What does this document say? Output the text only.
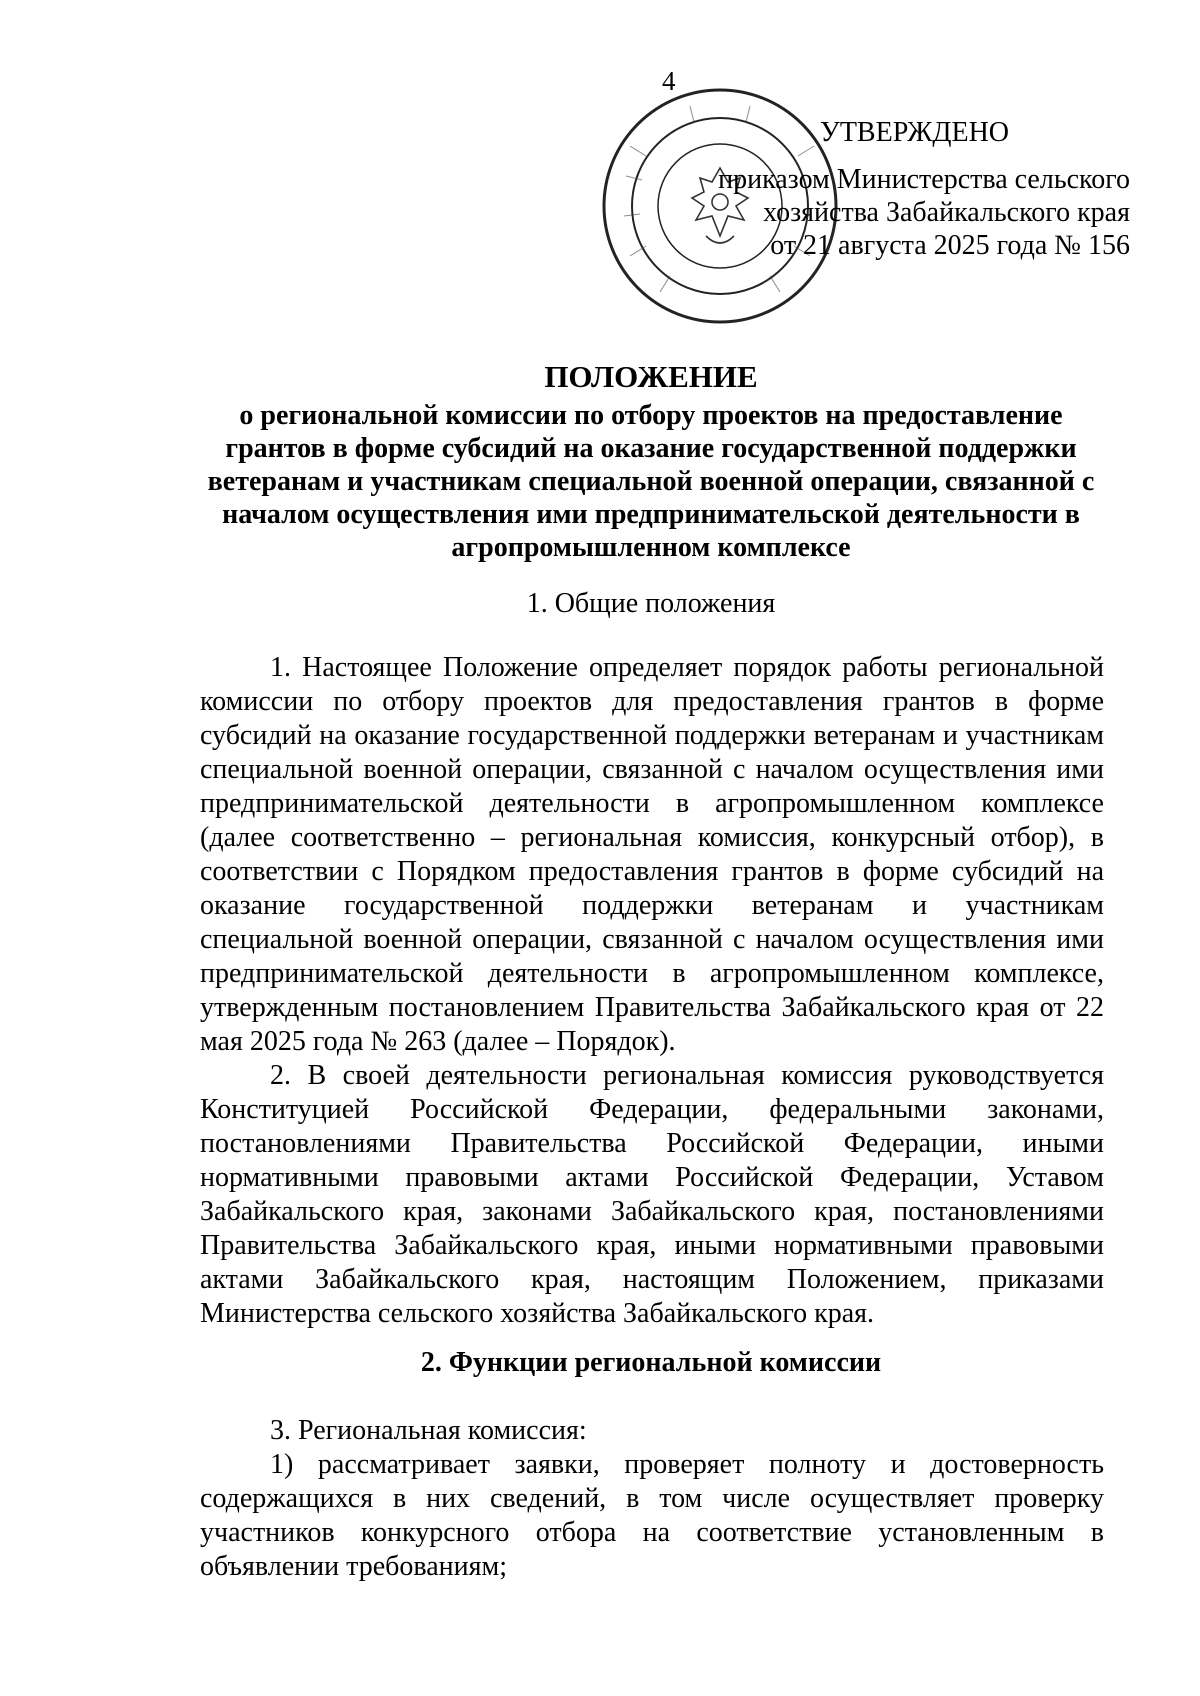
4
УТВЕРЖДЕНО
приказом Министерства сельского
хозяйства Забайкальского края
от 21 августа 2025 года № 156
ПОЛОЖЕНИЕ
о региональной комиссии по отбору проектов на предоставление грантов в форме субсидий на оказание государственной поддержки ветеранам и участникам специальной военной операции, связанной с началом осуществления ими предпринимательской деятельности в агропромышленном комплексе
1. Общие положения

1. Настоящее Положение определяет порядок работы региональной комиссии по отбору проектов для предоставления грантов в форме субсидий на оказание государственной поддержки ветеранам и участникам специальной военной операции, связанной с началом осуществления ими предпринимательской деятельности в агропромышленном комплексе (далее соответственно – региональная комиссия, конкурсный отбор), в соответствии с Порядком предоставления грантов в форме субсидий на оказание государственной поддержки ветеранам и участникам специальной военной операции, связанной с началом осуществления ими предпринимательской деятельности в агропромышленном комплексе, утвержденным постановлением Правительства Забайкальского края от 22 мая 2025 года № 263 (далее – Порядок).

2. В своей деятельности региональная комиссия руководствуется Конституцией Российской Федерации, федеральными законами, постановлениями Правительства Российской Федерации, иными нормативными правовыми актами Российской Федерации, Уставом Забайкальского края, законами Забайкальского края, постановлениями Правительства Забайкальского края, иными нормативными правовыми актами Забайкальского края, настоящим Положением, приказами Министерства сельского хозяйства Забайкальского края.

2. Функции региональной комиссии

3. Региональная комиссия:

1) рассматривает заявки, проверяет полноту и достоверность содержащихся в них сведений, в том числе осуществляет проверку участников конкурсного отбора на соответствие установленным в объявлении требованиям;
